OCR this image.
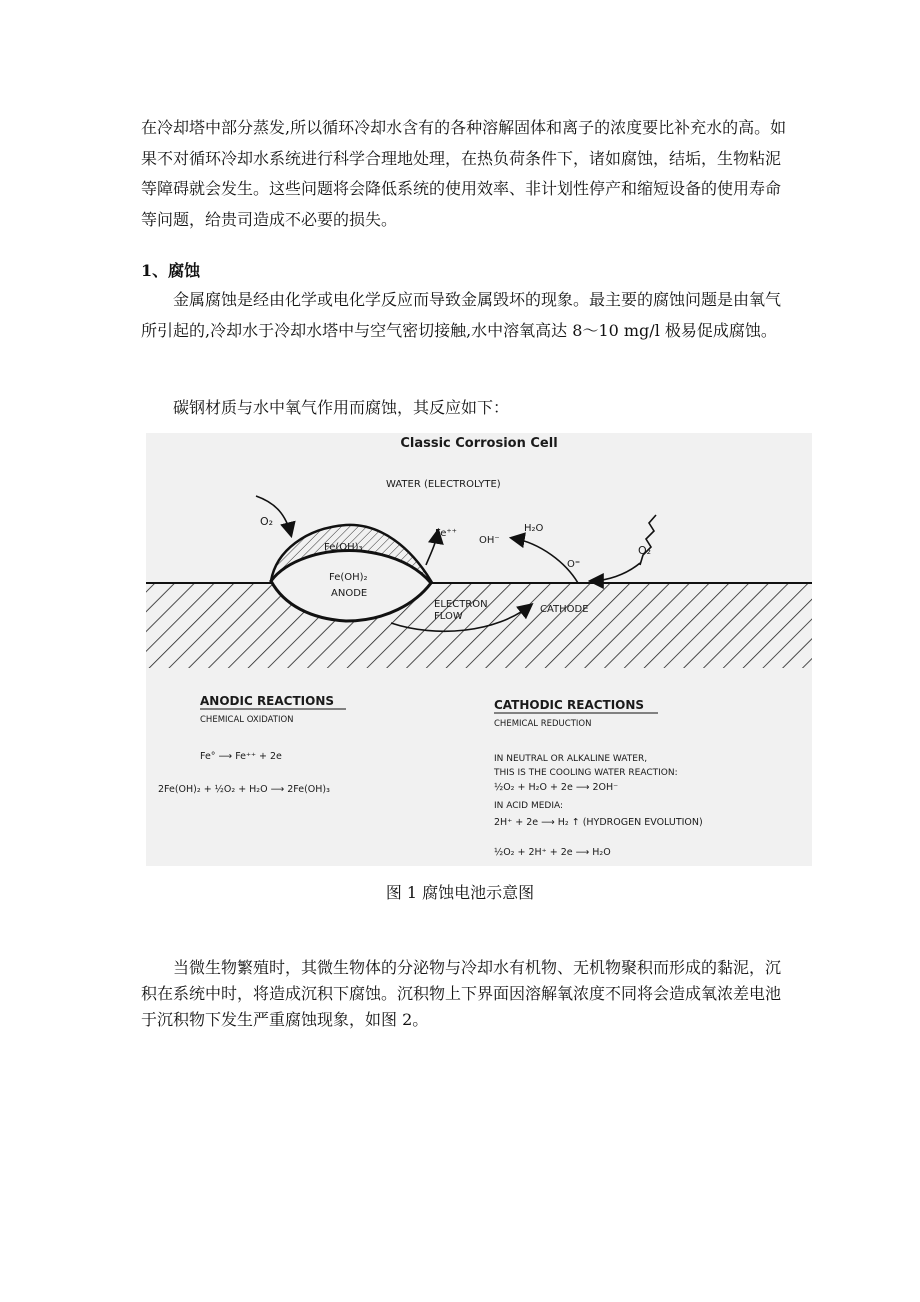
在冷却塔中部分蒸发,所以循环冷却水含有的各种溶解固体和离子的浓度要比补充水的高。如果不对循环冷却水系统进行科学合理地处理，在热负荷条件下，诸如腐蚀，结垢，生物粘泥等障碍就会发生。这些问题将会降低系统的使用效率、非计划性停产和缩短设备的使用寿命等问题，给贵司造成不必要的损失。

1、腐蚀

金属腐蚀是经由化学或电化学反应而导致金属毁坏的现象。最主要的腐蚀问题是由氧气所引起的,冷却水于冷却水塔中与空气密切接触,水中溶氧高达 8～10 mg/l 极易促成腐蚀。

碳钢材质与水中氧气作用而腐蚀，其反应如下：

Classic Corrosion Cell
WATER (ELECTROLYTE)
O₂
Fe(OH)₃
Fe(OH)₂
ANODE
Fe⁺⁺
OH⁻
H₂O
O⁼
O₂
ELECTRON
FLOW
CATHODE
ANODIC REACTIONS
CHEMICAL OXIDATION
Fe° ⟶ Fe⁺⁺ + 2e
2Fe(OH)₂ + ½O₂ + H₂O ⟶ 2Fe(OH)₃
CATHODIC REACTIONS
CHEMICAL REDUCTION
IN NEUTRAL OR ALKALINE WATER,
THIS IS THE COOLING WATER REACTION:
½O₂ + H₂O + 2e ⟶ 2OH⁻
IN ACID MEDIA:
2H⁺ + 2e ⟶ H₂ ↑ (HYDROGEN EVOLUTION)
½O₂ + 2H⁺ + 2e ⟶ H₂O

图 1 腐蚀电池示意图

当微生物繁殖时，其微生物体的分泌物与冷却水有机物、无机物聚积而形成的黏泥，沉积在系统中时，将造成沉积下腐蚀。沉积物上下界面因溶解氧浓度不同将会造成氧浓差电池于沉积物下发生严重腐蚀现象，如图 2。
